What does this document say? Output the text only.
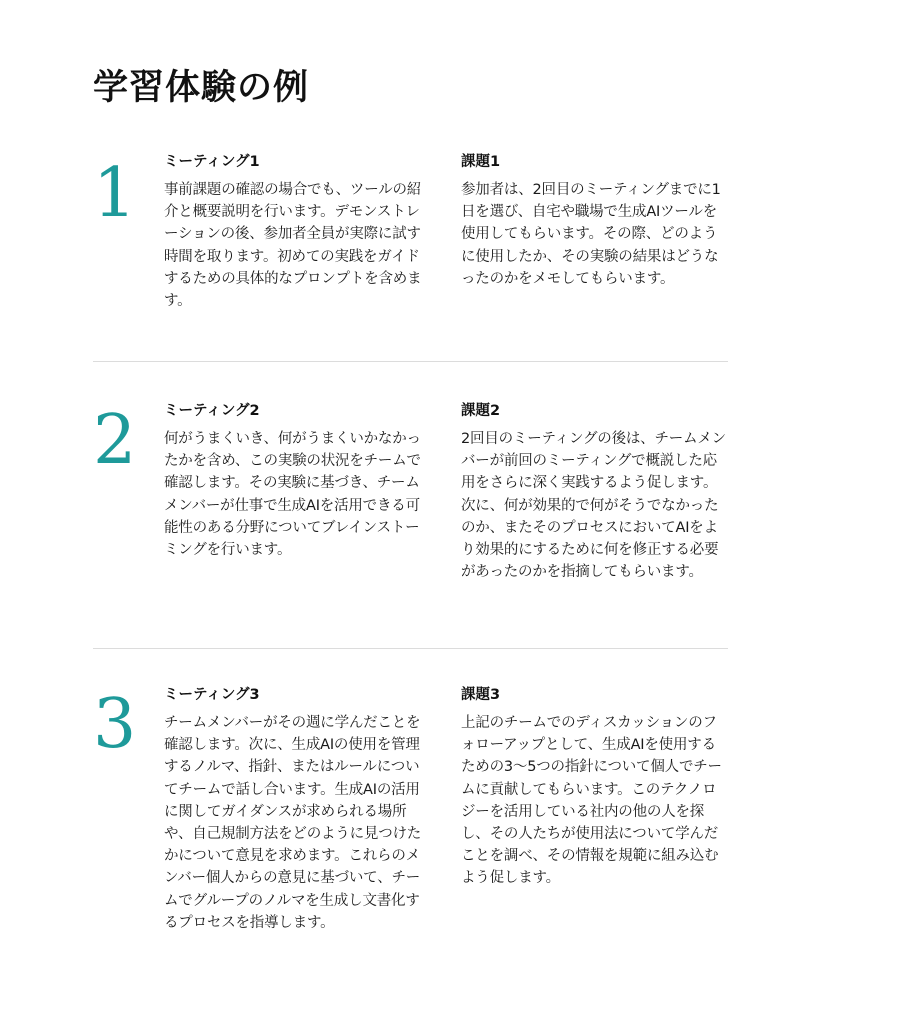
学習体験の例
1	ミーティング1

事前課題の確認の場合でも、ツールの紹介と概要説明を行います。デモンストレーションの後、参加者全員が実際に試す時間を取ります。初めての実践をガイドするための具体的なプロンプトを含めます。

課題1

参加者は、2回目のミーティングまでに1日を選び、自宅や職場で生成AIツールを使用してもらいます。その際、どのように使用したか、その実験の結果はどうなったのかをメモしてもらいます。

2	ミーティング2

何がうまくいき、何がうまくいかなかったかを含め、この実験の状況をチームで確認します。その実験に基づき、チームメンバーが仕事で生成AIを活用できる可能性のある分野についてブレインストーミングを行います。

課題2

2回目のミーティングの後は、チームメンバーが前回のミーティングで概説した応用をさらに深く実践するよう促します。次に、何が効果的で何がそうでなかったのか、またそのプロセスにおいてAIをより効果的にするために何を修正する必要があったのかを指摘してもらいます。

3	ミーティング3

チームメンバーがその週に学んだことを確認します。次に、生成AIの使用を管理するノルマ、指針、またはルールについてチームで話し合います。生成AIの活用に関してガイダンスが求められる場所や、自己規制方法をどのように見つけたかについて意見を求めます。これらのメンバー個人からの意見に基づいて、チームでグループのノルマを生成し文書化するプロセスを指導します。

課題3

上記のチームでのディスカッションのフォローアップとして、生成AIを使用するための3〜5つの指針について個人でチームに貢献してもらいます。このテクノロジーを活用している社内の他の人を探し、その人たちが使用法について学んだことを調べ、その情報を規範に組み込むよう促します。
